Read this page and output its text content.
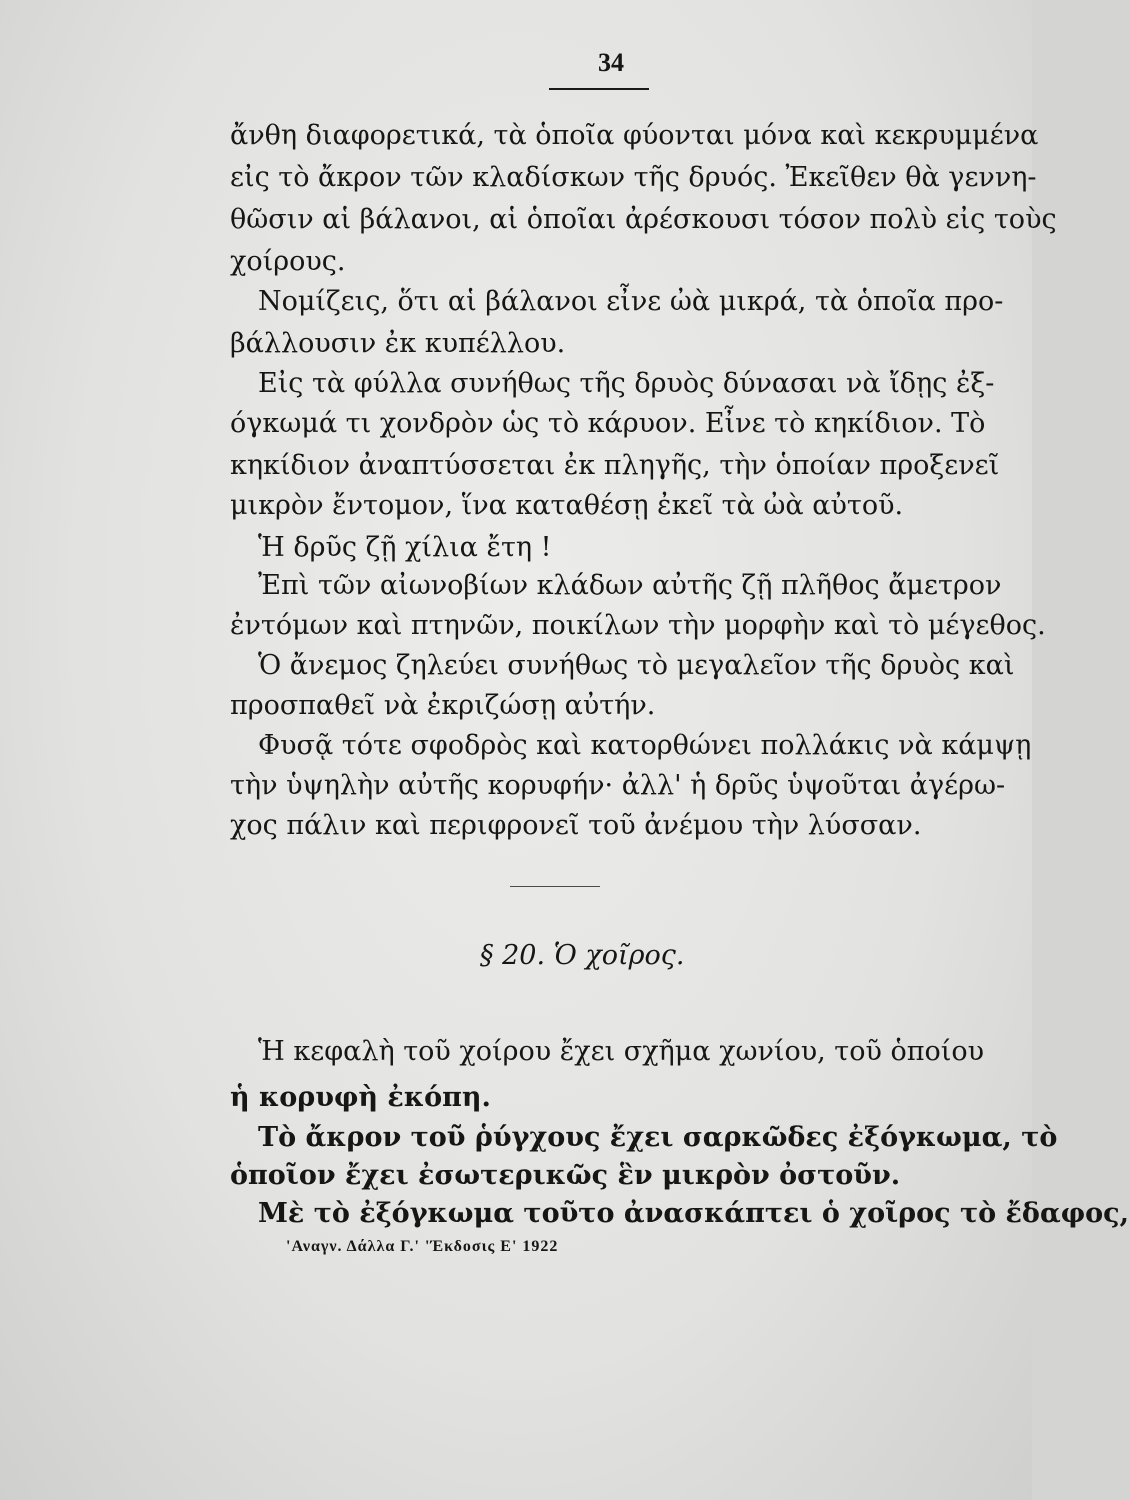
34
ἄνθη διαφορετικά, τὰ ὁποῖα φύονται μόνα καὶ κεκρυμμένα
εἰς τὸ ἄκρον τῶν κλαδίσκων τῆς δρυός. Ἐκεῖθεν θὰ γεννη-
θῶσιν αἱ βάλανοι, αἱ ὁποῖαι ἀρέσκουσι τόσον πολὺ εἰς τοὺς
χοίρους.
Νομίζεις, ὅτι αἱ βάλανοι εἶνε ὠὰ μικρά, τὰ ὁποῖα προ-
βάλλουσιν ἐκ κυπέλλου.
Εἰς τὰ φύλλα συνήθως τῆς δρυὸς δύνασαι νὰ ἴδῃς ἐξ-
όγκωμά τι χονδρὸν ὡς τὸ κάρυον. Εἶνε τὸ κηκίδιον. Τὸ
κηκίδιον ἀναπτύσσεται ἐκ πληγῆς, τὴν ὁποίαν προξενεῖ
μικρὸν ἔντομον, ἵνα καταθέσῃ ἐκεῖ τὰ ὠὰ αὐτοῦ.
Ἡ δρῦς ζῇ χίλια ἔτη !
Ἐπὶ τῶν αἰωνοβίων κλάδων αὐτῆς ζῇ πλῆθος ἄμετρον
ἐντόμων καὶ πτηνῶν, ποικίλων τὴν μορφὴν καὶ τὸ μέγεθος.
Ὁ ἄνεμος ζηλεύει συνήθως τὸ μεγαλεῖον τῆς δρυὸς καὶ
προσπαθεῖ νὰ ἐκριζώσῃ αὐτήν.
Φυσᾷ τότε σφοδρὸς καὶ κατορθώνει πολλάκις νὰ κάμψῃ
τὴν ὑψηλὴν αὐτῆς κορυφήν· ἀλλ' ἡ δρῦς ὑψοῦται ἀγέρω-
χος πάλιν καὶ περιφρονεῖ τοῦ ἀνέμου τὴν λύσσαν.
§ 20. Ὁ χοῖρος.
Ἡ κεφαλὴ τοῦ χοίρου ἔχει σχῆμα χωνίου, τοῦ ὁποίου
ἡ κορυφὴ ἐκόπη.
Τὸ ἄκρον τοῦ ῥύγχους ἔχει σαρκῶδες ἐξόγκωμα, τὸ
ὁποῖον ἔχει ἐσωτερικῶς ἓν μικρὸν ὀστοῦν.
Μὲ τὸ ἐξόγκωμα τοῦτο ἀνασκάπτει ὁ χοῖρος τὸ ἔδαφος,
'Αναγν. Δάλλα Γ.' 'Έκδοσις Ε' 1922
